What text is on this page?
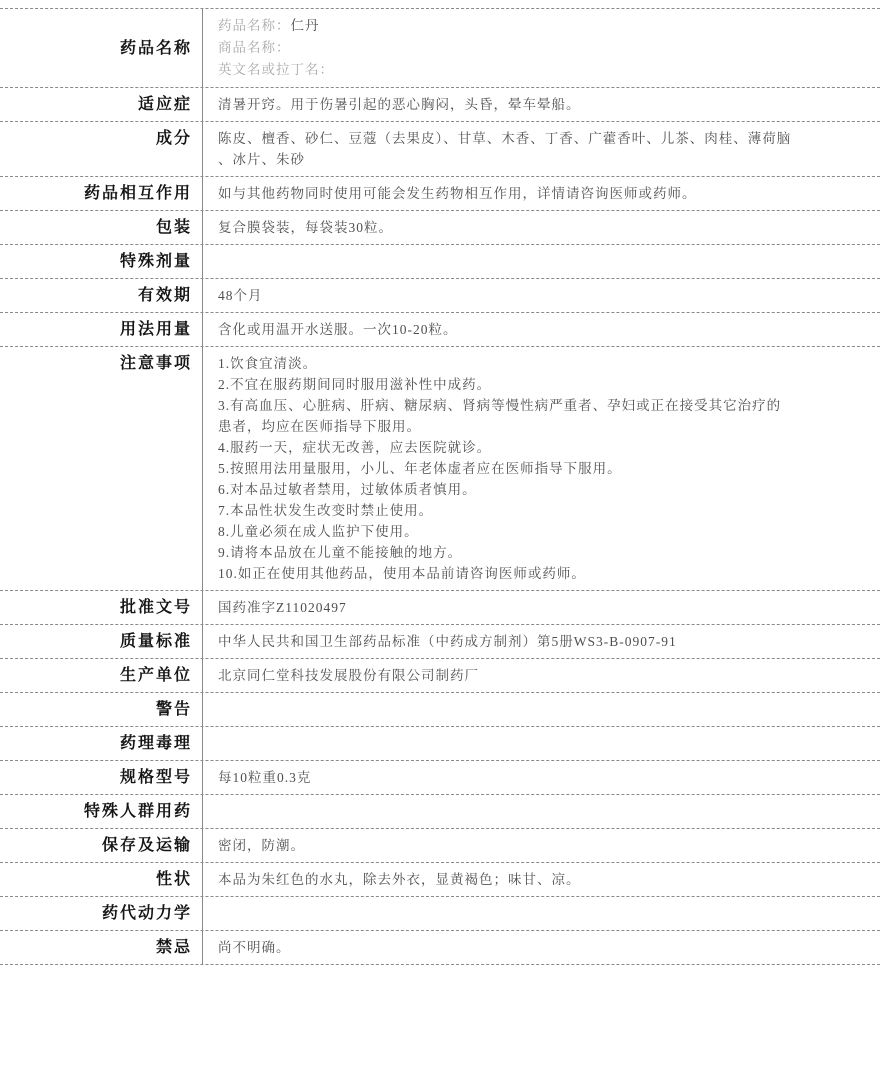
药品名称
药品名称：仁丹
商品名称：
英文名或拉丁名：
适应症 清暑开窍。用于伤暑引起的恶心胸闷，头昏，晕车晕船。
成分 陈皮、檀香、砂仁、豆蔻（去果皮）、甘草、木香、丁香、广藿香叶、儿茶、肉桂、薄荷脑
、冰片、朱砂
药品相互作用 如与其他药物同时使用可能会发生药物相互作用，详情请咨询医师或药师。
包装 复合膜袋装，每袋装30粒。
特殊剂量
有效期 48个月
用法用量 含化或用温开水送服。一次10-20粒。
注意事项 1.饮食宜清淡。
2.不宜在服药期间同时服用滋补性中成药。
3.有高血压、心脏病、肝病、糖尿病、肾病等慢性病严重者、孕妇或正在接受其它治疗的
患者，均应在医师指导下服用。
4.服药一天，症状无改善，应去医院就诊。
5.按照用法用量服用，小儿、年老体虚者应在医师指导下服用。
6.对本品过敏者禁用，过敏体质者慎用。
7.本品性状发生改变时禁止使用。
8.儿童必须在成人监护下使用。
9.请将本品放在儿童不能接触的地方。
10.如正在使用其他药品，使用本品前请咨询医师或药师。
批准文号 国药准字Z11020497
质量标准 中华人民共和国卫生部药品标准（中药成方制剂）第5册WS3-B-0907-91
生产单位 北京同仁堂科技发展股份有限公司制药厂
警告
药理毒理
规格型号 每10粒重0.3克
特殊人群用药
保存及运输 密闭，防潮。
性状 本品为朱红色的水丸，除去外衣，显黄褐色；味甘、凉。
药代动力学
禁忌 尚不明确。
